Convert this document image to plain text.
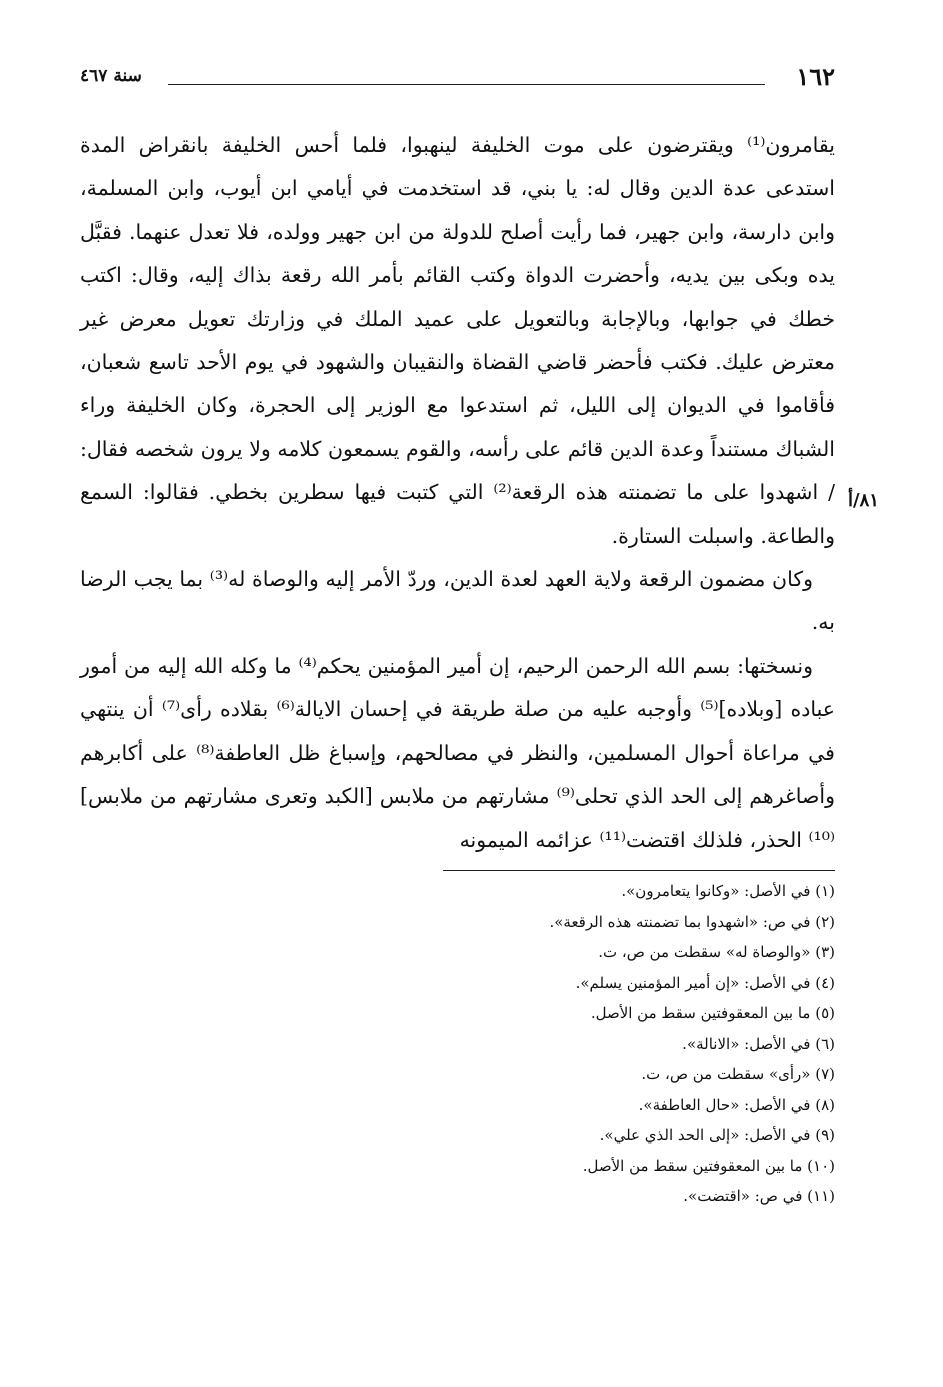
١٦٢
سنة ٤٦٧
٨١/أ

يقامرون⁽¹⁾ ويقترضون على موت الخليفة لينهبوا، فلما أحس الخليفة بانقراض المدة استدعى عدة الدين وقال له: يا بني، قد استخدمت في أيامي ابن أيوب، وابن المسلمة، وابن دارسة، وابن جهير، فما رأيت أصلح للدولة من ابن جهير وولده، فلا تعدل عنهما. فقبَّل يده وبكى بين يديه، وأحضرت الدواة وكتب القائم بأمر الله رقعة بذاك إليه، وقال: اكتب خطك في جوابها، وبالإجابة وبالتعويل على عميد الملك في وزارتك تعويل معرض غير معترض عليك. فكتب فأحضر قاضي القضاة والنقيبان والشهود في يوم الأحد تاسع شعبان، فأقاموا في الديوان إلى الليل، ثم استدعوا مع الوزير إلى الحجرة، وكان الخليفة وراء الشباك مستنداً وعدة الدين قائم على رأسه، والقوم يسمعون كلامه ولا يرون شخصه فقال: / اشهدوا على ما تضمنته هذه الرقعة⁽²⁾ التي كتبت فيها سطرين بخطي. فقالوا: السمع والطاعة. واسبلت الستارة.

وكان مضمون الرقعة ولاية العهد لعدة الدين، وردّ الأمر إليه والوصاة له⁽³⁾ بما يجب الرضا به.

ونسختها: بسم الله الرحمن الرحيم، إن أمير المؤمنين يحكم⁽⁴⁾ ما وكله الله إليه من أمور عباده [وبلاده]⁽⁵⁾ وأوجبه عليه من صلة طريقة في إحسان الايالة⁽⁶⁾ بقلاده رأى⁽⁷⁾ أن ينتهي في مراعاة أحوال المسلمين، والنظر في مصالحهم، وإسباغ ظل العاطفة⁽⁸⁾ على أكابرهم وأصاغرهم إلى الحد الذي تحلى⁽⁹⁾ مشارتهم من ملابس [الكبد وتعرى مشارتهم من ملابس]⁽¹⁰⁾ الحذر، فلذلك اقتضت⁽¹¹⁾ عزائمه الميمونه

(١) في الأصل: «وكانوا يتعامرون».
(٢) في ص: «اشهدوا بما تضمنته هذه الرقعة».
(٣) «والوصاة له» سقطت من ص، ت.
(٤) في الأصل: «إن أمير المؤمنين يسلم».
(٥) ما بين المعقوفتين سقط من الأصل.
(٦) في الأصل: «الانالة».
(٧) «رأى» سقطت من ص، ت.
(٨) في الأصل: «حال العاطفة».
(٩) في الأصل: «إلى الحد الذي علي».
(١٠) ما بين المعقوفتين سقط من الأصل.
(١١) في ص: «اقتضت».
